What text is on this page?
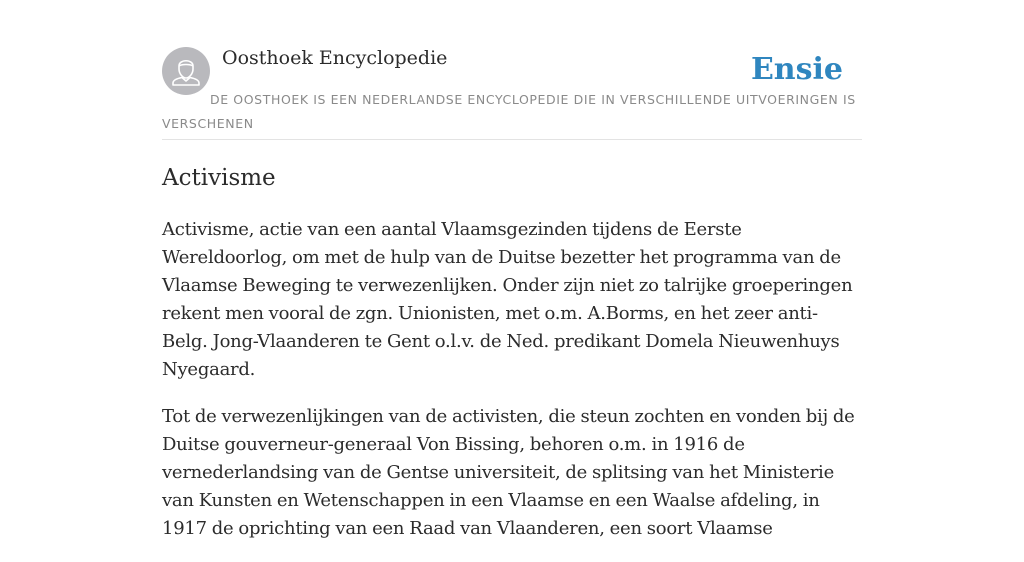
Oosthoek Encyclopedie	Ensie
DE OOSTHOEK IS EEN NEDERLANDSE ENCYCLOPEDIE DIE IN VERSCHILLENDE UITVOERINGEN IS VERSCHENEN
Activisme

Activisme, actie van een aantal Vlaamsgezinden tijdens de Eerste Wereldoorlog, om met de hulp van de Duitse bezetter het programma van de Vlaamse Beweging te verwezenlijken. Onder zijn niet zo talrijke groeperingen rekent men vooral de zgn. Unionisten, met o.m. A.Borms, en het zeer anti-Belg. Jong-Vlaanderen te Gent o.l.v. de Ned. predikant Domela Nieuwenhuys Nyegaard.

Tot de verwezenlijkingen van de activisten, die steun zochten en vonden bij de Duitse gouverneur-generaal Von Bissing, behoren o.m. in 1916 de vernederlandsing van de Gentse universiteit, de splitsing van het Ministerie van Kunsten en Wetenschappen in een Vlaamse en een Waalse afdeling, in 1917 de oprichting van een Raad van Vlaanderen, een soort Vlaamse
